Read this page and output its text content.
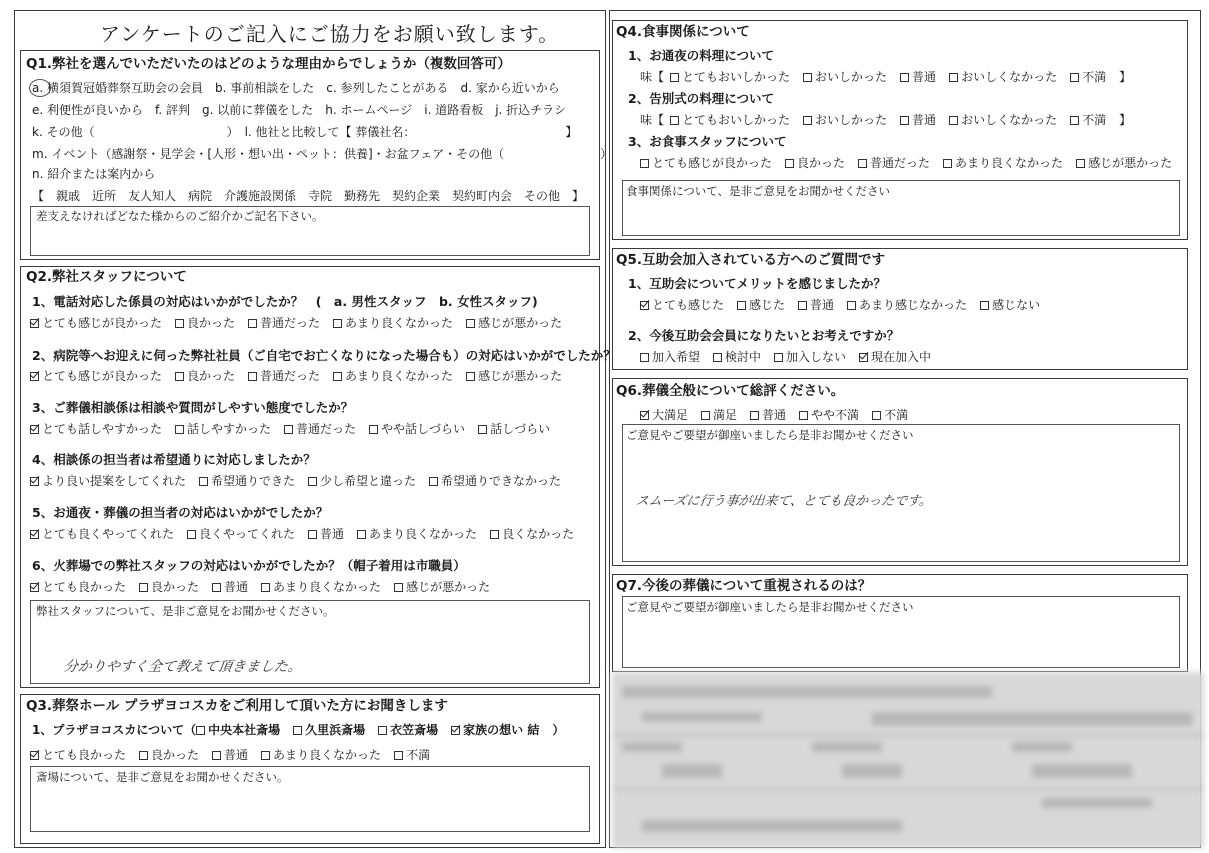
アンケートのご記入にご協力をお願い致します。
Q1.弊社を選んでいただいたのはどのような理由からでしょうか（複数回答可）
a. 横須賀冠婚葬祭互助会の会員　b. 事前相談をした　c. 参列したことがある　d. 家から近いから
e. 利便性が良いから　f. 評判　g. 以前に葬儀をした　h. ホームページ　i. 道路看板　j. 折込チラシ
k. その他（　　　　　　　　　　　）　l. 他社と比較して【 葬儀社名：　　　　　　　　　　　　　】
m. イベント（感謝祭・見学会・[人形・想い出・ペット：供養]・お盆フェア・その他（　　　　　　　　）
n. 紹介または案内から
【　親戚　近所　友人知人　病院　介護施設関係　寺院　勤務先　契約企業　契約町内会　その他　】
差支えなければどなた様からのご紹介かご記名下さい。
Q2.弊社スタッフについて
1、電話対応した係員の対応はいかがでしたか？　(　a. 男性スタッフ　b. 女性スタッフ)
とても感じが良かった 良かった 普通だった あまり良くなかった 感じが悪かった
2、病院等へお迎えに伺った弊社社員（ご自宅でお亡くなりになった場合も）の対応はいかがでしたか？
とても感じが良かった 良かった 普通だった あまり良くなかった 感じが悪かった
3、ご葬儀相談係は相談や質問がしやすい態度でしたか？
とても話しやすかった 話しやすかった 普通だった やや話しづらい 話しづらい
4、相談係の担当者は希望通りに対応しましたか？
より良い提案をしてくれた 希望通りできた 少し希望と違った 希望通りできなかった
5、お通夜・葬儀の担当者の対応はいかがでしたか？
とても良くやってくれた 良くやってくれた 普通 あまり良くなかった 良くなかった
6、火葬場での弊社スタッフの対応はいかがでしたか？（帽子着用は市職員）
とても良かった 良かった 普通 あまり良くなかった 感じが悪かった
弊社スタッフについて、是非ご意見をお聞かせください。
分かりやすく全て教えて頂きました。
Q3.葬祭ホール プラザヨコスカをご利用して頂いた方にお聞きします
1、プラザヨコスカについて（ 中央本社斎場 久里浜斎場 衣笠斎場 家族の想い 結 ）
とても良かった 良かった 普通 あまり良くなかった 不満
斎場について、是非ご意見をお聞かせください。
Q4.食事関係について
1、お通夜の料理について
味【 とてもおいしかった おいしかった 普通 おいしくなかった 不満 】
2、告別式の料理について
味【 とてもおいしかった おいしかった 普通 おいしくなかった 不満 】
3、お食事スタッフについて
とても感じが良かった 良かった 普通だった あまり良くなかった 感じが悪かった
食事関係について、是非ご意見をお聞かせください
Q5.互助会加入されている方へのご質問です
1、互助会についてメリットを感じましたか？
とても感じた 感じた 普通 あまり感じなかった 感じない
2、今後互助会会員になりたいとお考えですか？
加入希望 検討中 加入しない 現在加入中
Q6.葬儀全般について総評ください。
大満足 満足 普通 やや不満 不満
ご意見やご要望が御座いましたら是非お聞かせください
スムーズに行う事が出来て、とても良かったです。
Q7.今後の葬儀について重視されるのは？
ご意見やご要望が御座いましたら是非お聞かせください
